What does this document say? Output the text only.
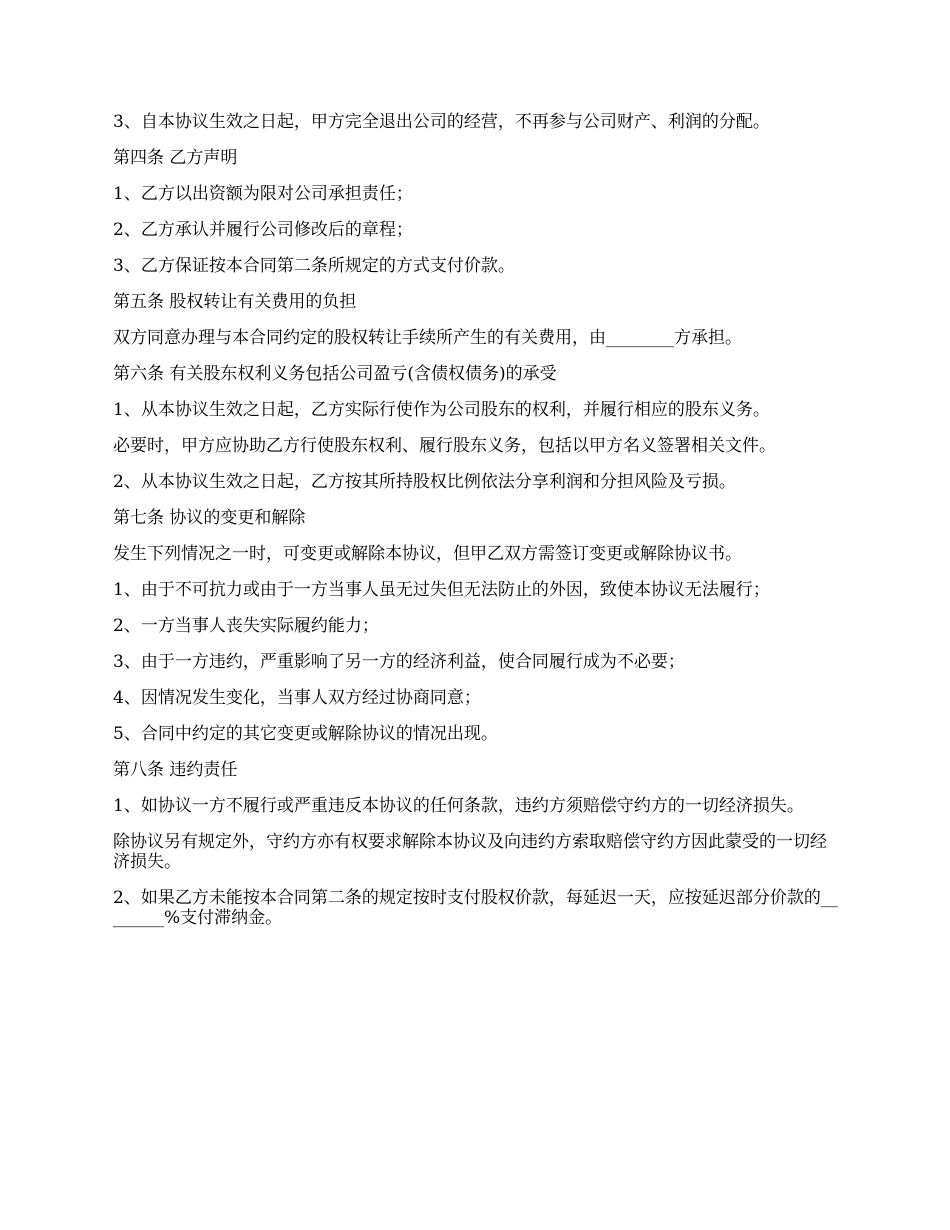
3、自本协议生效之日起，甲方完全退出公司的经营，不再参与公司财产、利润的分配。

第四条 乙方声明

1、乙方以出资额为限对公司承担责任；

2、乙方承认并履行公司修改后的章程；

3、乙方保证按本合同第二条所规定的方式支付价款。

第五条 股权转让有关费用的负担

双方同意办理与本合同约定的股权转让手续所产生的有关费用，由________方承担。

第六条 有关股东权利义务包括公司盈亏(含债权债务)的承受

1、从本协议生效之日起，乙方实际行使作为公司股东的权利，并履行相应的股东义务。

必要时，甲方应协助乙方行使股东权利、履行股东义务，包括以甲方名义签署相关文件。

2、从本协议生效之日起，乙方按其所持股权比例依法分享利润和分担风险及亏损。

第七条 协议的变更和解除

发生下列情况之一时，可变更或解除本协议，但甲乙双方需签订变更或解除协议书。

1、由于不可抗力或由于一方当事人虽无过失但无法防止的外因，致使本协议无法履行；

2、一方当事人丧失实际履约能力；

3、由于一方违约，严重影响了另一方的经济利益，使合同履行成为不必要；

4、因情况发生变化，当事人双方经过协商同意；

5、合同中约定的其它变更或解除协议的情况出现。

第八条 违约责任

1、如协议一方不履行或严重违反本协议的任何条款，违约方须赔偿守约方的一切经济损失。

除协议另有规定外，守约方亦有权要求解除本协议及向违约方索取赔偿守约方因此蒙受的一切经济损失。

2、如果乙方未能按本合同第二条的规定按时支付股权价款，每延迟一天，应按延迟部分价款的________%支付滞纳金。
